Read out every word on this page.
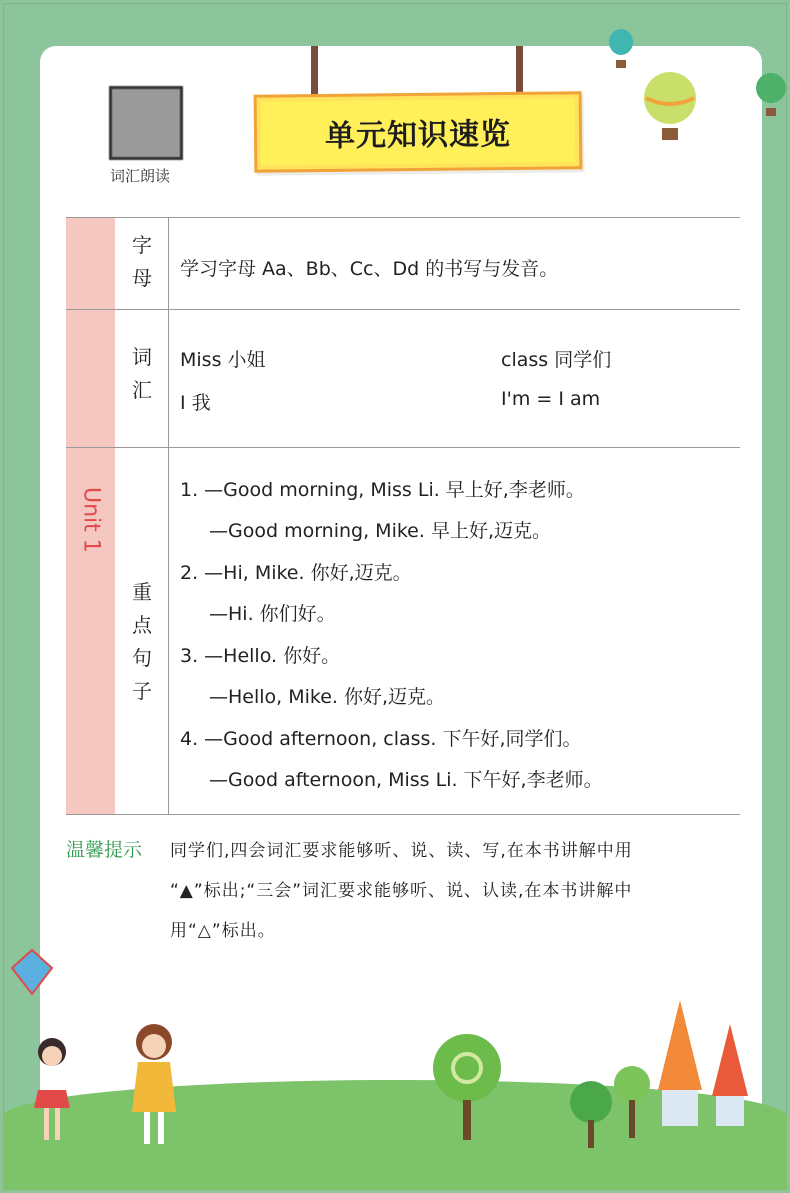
单元知识速览
词汇朗读
Unit 1
字
母 学习字母 Aa、Bb、Cc、Dd 的书写与发音。
词
汇
Miss 小姐	class 同学们
I 我	I'm = I am
重
点
句
子
1. —Good morning, Miss Li. 早上好,李老师。
—Good morning, Mike. 早上好,迈克。
2. —Hi, Mike. 你好,迈克。
—Hi. 你们好。
3. —Hello. 你好。
—Hello, Mike. 你好,迈克。
4. —Good afternoon, class. 下午好,同学们。
—Good afternoon, Miss Li. 下午好,李老师。
温馨提示 同学们,四会词汇要求能够听、说、读、写,在本书讲解中用
“▲”标出;“三会”词汇要求能够听、说、认读,在本书讲解中
用“△”标出。
